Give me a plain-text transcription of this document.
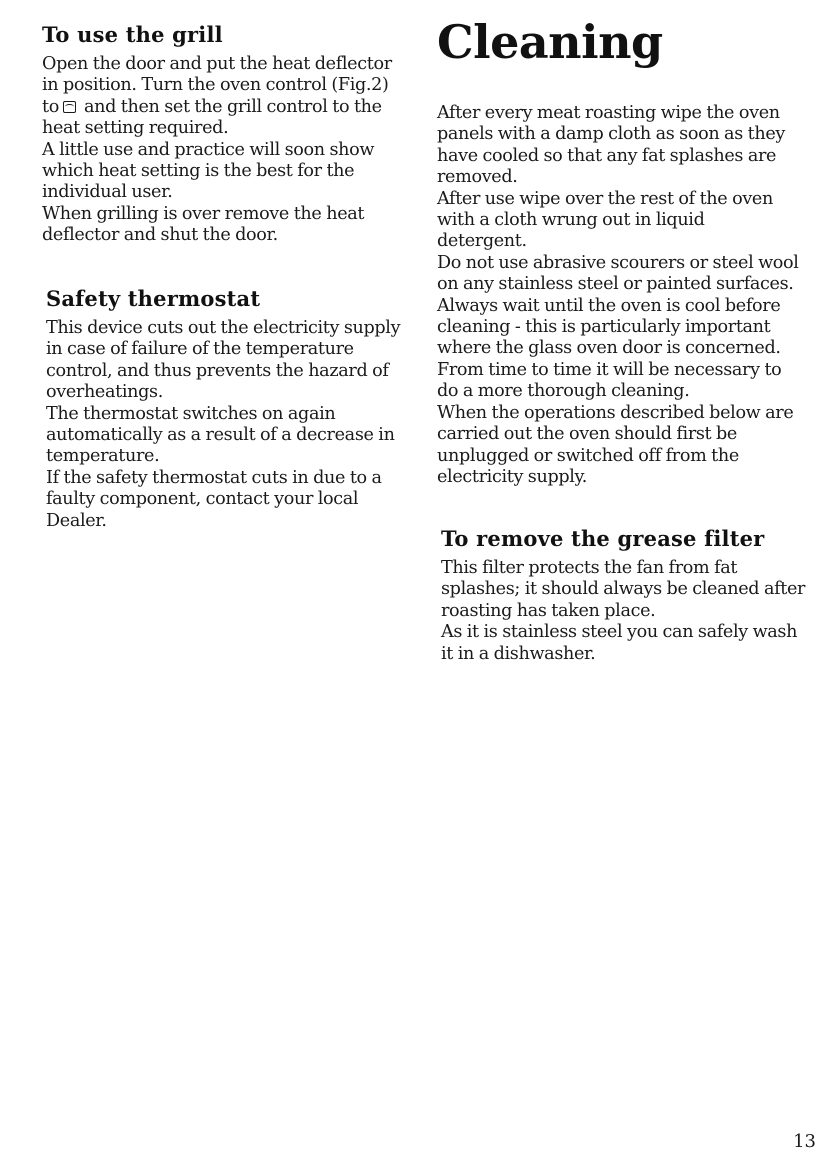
To use the grill
Open the door and put the heat deflector
in position. Turn the oven control (Fig.2)
to and then set the grill control to the
heat setting required.
A little use and practice will soon show
which heat setting is the best for the
individual user.
When grilling is over remove the heat
deflector and shut the door.
Safety thermostat
This device cuts out the electricity supply
in case of failure of the temperature
control, and thus prevents the hazard of
overheatings.
The thermostat switches on again
automatically as a result of a decrease in
temperature.
If the safety thermostat cuts in due to a
faulty component, contact your local
Dealer.
Cleaning
After every meat roasting wipe the oven
panels with a damp cloth as soon as they
have cooled so that any fat splashes are
removed.
After use wipe over the rest of the oven
with a cloth wrung out in liquid
detergent.
Do not use abrasive scourers or steel wool
on any stainless steel or painted surfaces.
Always wait until the oven is cool before
cleaning - this is particularly important
where the glass oven door is concerned.
From time to time it will be necessary to
do a more thorough cleaning.
When the operations described below are
carried out the oven should first be
unplugged or switched off from the
electricity supply.
To remove the grease filter
This filter protects the fan from fat
splashes; it should always be cleaned after
roasting has taken place.
As it is stainless steel you can safely wash
it in a dishwasher.
13
